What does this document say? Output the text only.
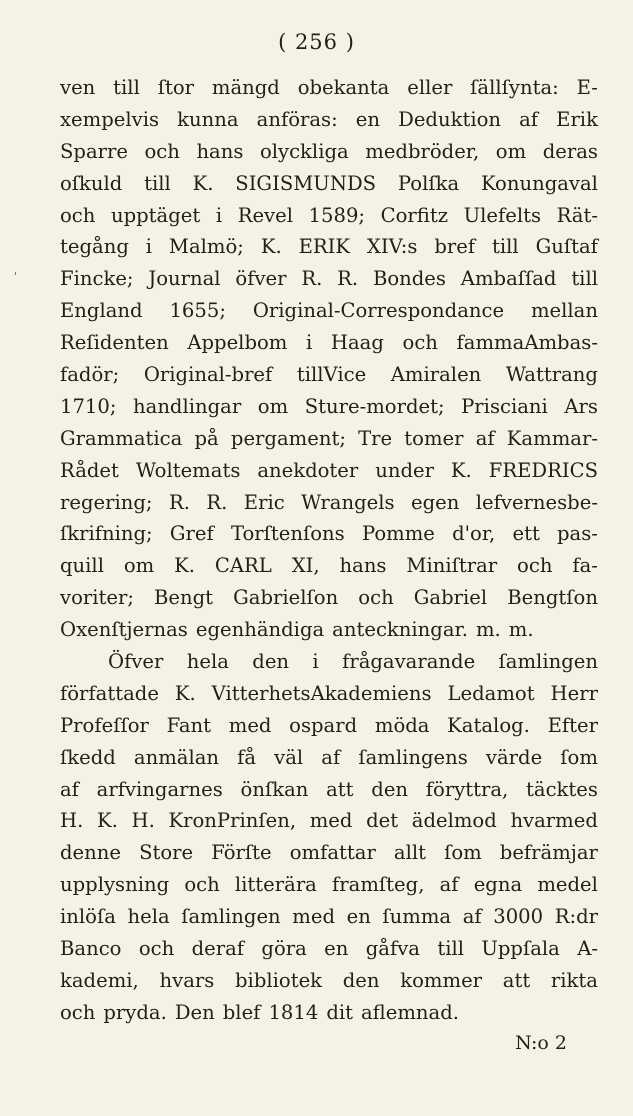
( 256 )
'
ven till ſtor mängd obekanta eller ſällſynta: E-
xempelvis kunna anföras: en Deduktion af Erik
Sparre och hans olyckliga medbröder, om deras
oſkuld till K. SIGISMUNDS Polſka Konungaval
och upptäget i Revel 1589; Corfitz Ulefelts Rät-
tegång i Malmö; K. ERIK XIV:s bref till Guſtaf
Fincke; Journal öfver R. R. Bondes Ambaſſad till
England 1655; Original-Correspondance mellan
Reſidenten Appelbom i Haag och fammaAmbas-
fadör; Original-bref tillVice Amiralen Wattrang
1710; handlingar om Sture-mordet; Prisciani Ars
Grammatica på pergament; Tre tomer af Kammar-
Rådet Woltemats anekdoter under K. FREDRICS
regering; R. R. Eric Wrangels egen lefvernesbe-
ſkrifning; Gref Torſtenſons Pomme d'or, ett pas-
quill om K. CARL XI, hans Miniſtrar och fa-
voriter; Bengt Gabrielſon och Gabriel Bengtſon
Oxenſtjernas egenhändiga anteckningar. m. m.
Öfver hela den i frågavarande ſamlingen
författade K. VitterhetsAkademiens Ledamot Herr
Profeſſor Fant med ospard möda Katalog. Efter
ſkedd anmälan få väl af ſamlingens värde ſom
af arfvingarnes önſkan att den föryttra, täcktes
H. K. H. KronPrinſen, med det ädelmod hvarmed
denne Store Förſte omfattar allt ſom befrämjar
upplysning och litterära framſteg, af egna medel
inlöſa hela ſamlingen med en ſumma af 3000 R:dr
Banco och deraf göra en gåfva till Uppſala A-
kademi, hvars bibliotek den kommer att rikta
och pryda. Den blef 1814 dit aflemnad.
N:o 2
